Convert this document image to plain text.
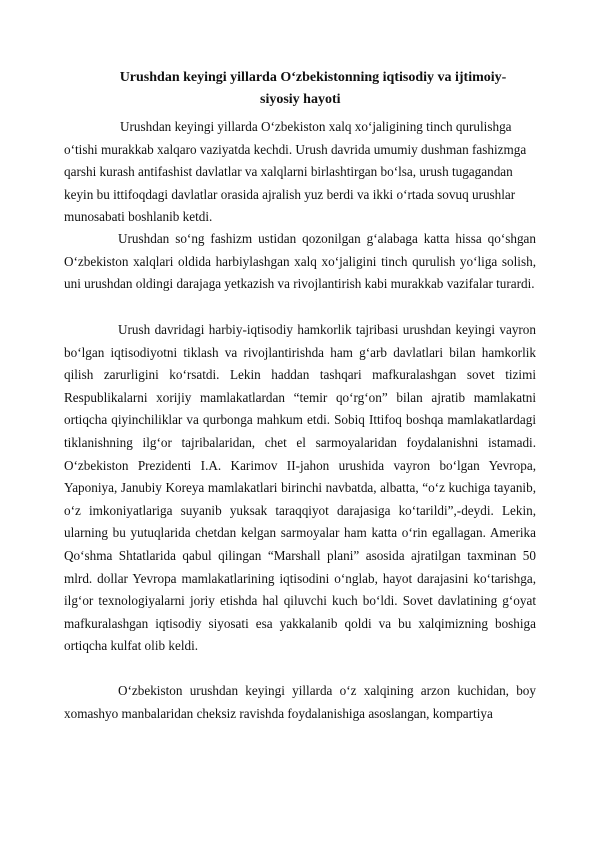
Urushdan keyingi yillarda O‘zbekistonning iqtisodiy va ijtimoiy-
siyosiy hayoti

Urushdan keyingi yillarda O‘zbekiston xalq xo‘jaligining tinch qurulishga o‘tishi murakkab xalqaro vaziyatda kechdi. Urush davrida umumiy dushman fashizmga qarshi kurash antifashist davlatlar va xalqlarni birlashtirgan bo‘lsa, urush tugagandan keyin bu ittifoqdagi davlatlar orasida ajralish yuz berdi va ikki o‘rtada sovuq urushlar munosabati boshlanib ketdi.

Urushdan so‘ng fashizm ustidan qozonilgan g‘alabaga katta hissa qo‘shgan O‘zbekiston xalqlari oldida harbiylashgan xalq xo‘jaligini tinch qurulish yo‘liga solish, uni urushdan oldingi darajaga yetkazish va rivojlantirish kabi murakkab vazifalar turardi.

Urush davridagi harbiy-iqtisodiy hamkorlik tajribasi urushdan keyingi vayron bo‘lgan iqtisodiyotni tiklash va rivojlantirishda ham g‘arb davlatlari bilan hamkorlik qilish zarurligini ko‘rsatdi. Lekin haddan tashqari mafkuralashgan sovet tizimi Respublikalarni xorijiy mamlakatlardan “temir qo‘rg‘on” bilan ajratib mamlakatni ortiqcha qiyinchiliklar va qurbonga mahkum etdi. Sobiq Ittifoq boshqa mamlakatlardagi tiklanishning ilg‘or tajribalaridan, chet el sarmoyalaridan foydalanishni istamadi. O‘zbekiston Prezidenti I.A. Karimov II-jahon urushida vayron bo‘lgan Yevropa, Yaponiya, Janubiy Koreya mamlakatlari birinchi navbatda, albatta, “o‘z kuchiga tayanib, o‘z imkoniyatlariga suyanib yuksak taraqqiyot darajasiga ko‘tarildi”,-deydi. Lekin, ularning bu yutuqlarida chetdan kelgan sarmoyalar ham katta o‘rin egallagan. Amerika Qo‘shma Shtatlarida qabul qilingan “Marshall plani” asosida ajratilgan taxminan 50 mlrd. dollar Yevropa mamlakatlarining iqtisodini o‘nglab, hayot darajasini ko‘tarishga, ilg‘or texnologiyalarni joriy etishda hal qiluvchi kuch bo‘ldi. Sovet davlatining g‘oyat mafkuralashgan iqtisodiy siyosati esa yakkalanib qoldi va bu xalqimizning boshiga ortiqcha kulfat olib keldi.

O‘zbekiston urushdan keyingi yillarda o‘z xalqining arzon kuchidan, boy xomashyo manbalaridan cheksiz ravishda foydalanishiga asoslangan, kompartiya
